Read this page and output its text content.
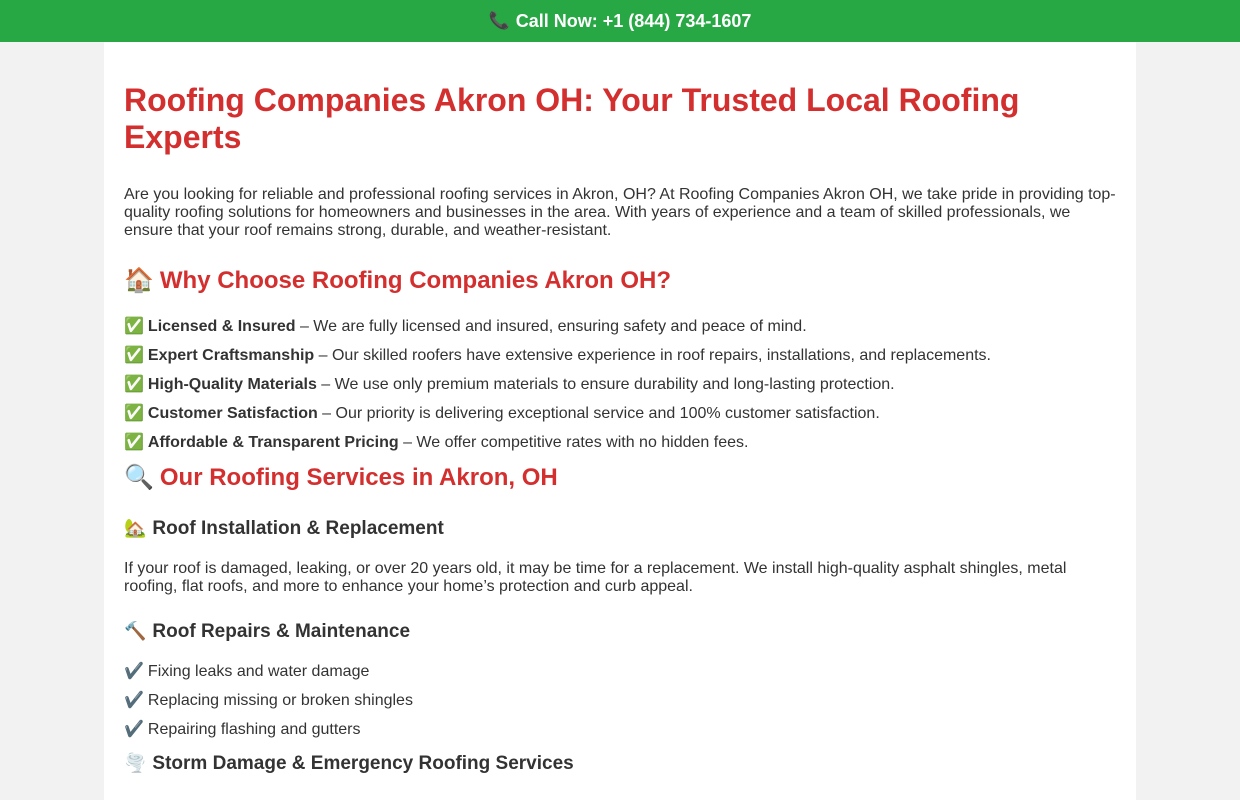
📞 Call Now: +1 (844) 734-1607
Roofing Companies Akron OH: Your Trusted Local Roofing Experts

Are you looking for reliable and professional roofing services in Akron, OH? At Roofing Companies Akron OH, we take pride in providing top-quality roofing solutions for homeowners and businesses in the area. With years of experience and a team of skilled professionals, we ensure that your roof remains strong, durable, and weather-resistant.

🏠 Why Choose Roofing Companies Akron OH?
✅ Licensed & Insured – We are fully licensed and insured, ensuring safety and peace of mind.
✅ Expert Craftsmanship – Our skilled roofers have extensive experience in roof repairs, installations, and replacements.
✅ High-Quality Materials – We use only premium materials to ensure durability and long-lasting protection.
✅ Customer Satisfaction – Our priority is delivering exceptional service and 100% customer satisfaction.
✅ Affordable & Transparent Pricing – We offer competitive rates with no hidden fees.
🔍 Our Roofing Services in Akron, OH
🏡 Roof Installation & Replacement

If your roof is damaged, leaking, or over 20 years old, it may be time for a replacement. We install high-quality asphalt shingles, metal roofing, flat roofs, and more to enhance your home’s protection and curb appeal.

🔨 Roof Repairs & Maintenance
✔️ Fixing leaks and water damage
✔️ Replacing missing or broken shingles
✔️ Repairing flashing and gutters
🌪️ Storm Damage & Emergency Roofing Services
